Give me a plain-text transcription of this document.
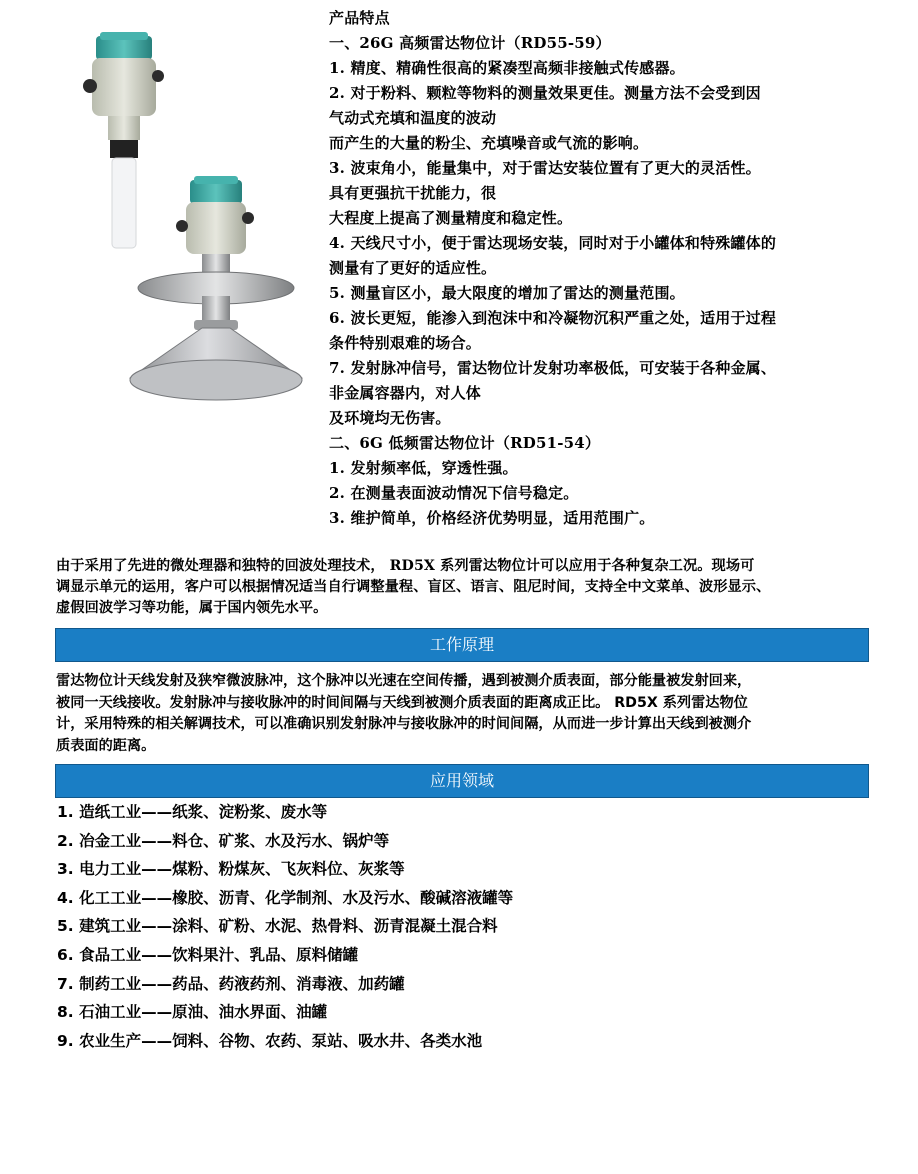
产品特点
一、26G 高频雷达物位计（RD55-59）
1. 精度、精确性很高的紧凑型高频非接触式传感器。
2. 对于粉料、颗粒等物料的测量效果更佳。测量方法不会受到因
气动式充填和温度的波动
而产生的大量的粉尘、充填噪音或气流的影响。
3. 波束角小，能量集中，对于雷达安装位置有了更大的灵活性。
具有更强抗干扰能力，很
大程度上提高了测量精度和稳定性。
4. 天线尺寸小，便于雷达现场安装，同时对于小罐体和特殊罐体的
测量有了更好的适应性。
5. 测量盲区小，最大限度的增加了雷达的测量范围。
6. 波长更短，能渗入到泡沫中和冷凝物沉积严重之处，适用于过程
条件特别艰难的场合。
7. 发射脉冲信号，雷达物位计发射功率极低，可安装于各种金属、
非金属容器内，对人体
及环境均无伤害。
二、6G 低频雷达物位计（RD51-54）
1. 发射频率低，穿透性强。
2. 在测量表面波动情况下信号稳定。
3. 维护简单，价格经济优势明显，适用范围广。
由于采用了先进的微处理器和独特的回波处理技术， RD5X 系列雷达物位计可以应用于各种复杂工况。现场可
调显示单元的运用，客户可以根据情况适当自行调整量程、盲区、语言、阻尼时间，支持全中文菜单、波形显示、
虚假回波学习等功能，属于国内领先水平。
工作原理
雷达物位计天线发射及狭窄微波脉冲，这个脉冲以光速在空间传播，遇到被测介质表面，部分能量被发射回来，
被同一天线接收。发射脉冲与接收脉冲的时间间隔与天线到被测介质表面的距离成正比。 RD5X 系列雷达物位
计，采用特殊的相关解调技术，可以准确识别发射脉冲与接收脉冲的时间间隔，从而进一步计算出天线到被测介
质表面的距离。
应用领域
1. 造纸工业——纸浆、淀粉浆、废水等
2. 冶金工业——料仓、矿浆、水及污水、锅炉等
3. 电力工业——煤粉、粉煤灰、飞灰料位、灰浆等
4. 化工工业——橡胶、沥青、化学制剂、水及污水、酸碱溶液罐等
5. 建筑工业——涂料、矿粉、水泥、热骨料、沥青混凝土混合料
6. 食品工业——饮料果汁、乳品、原料储罐
7. 制药工业——药品、药液药剂、消毒液、加药罐
8. 石油工业——原油、油水界面、油罐
9. 农业生产——饲料、谷物、农药、泵站、吸水井、各类水池
